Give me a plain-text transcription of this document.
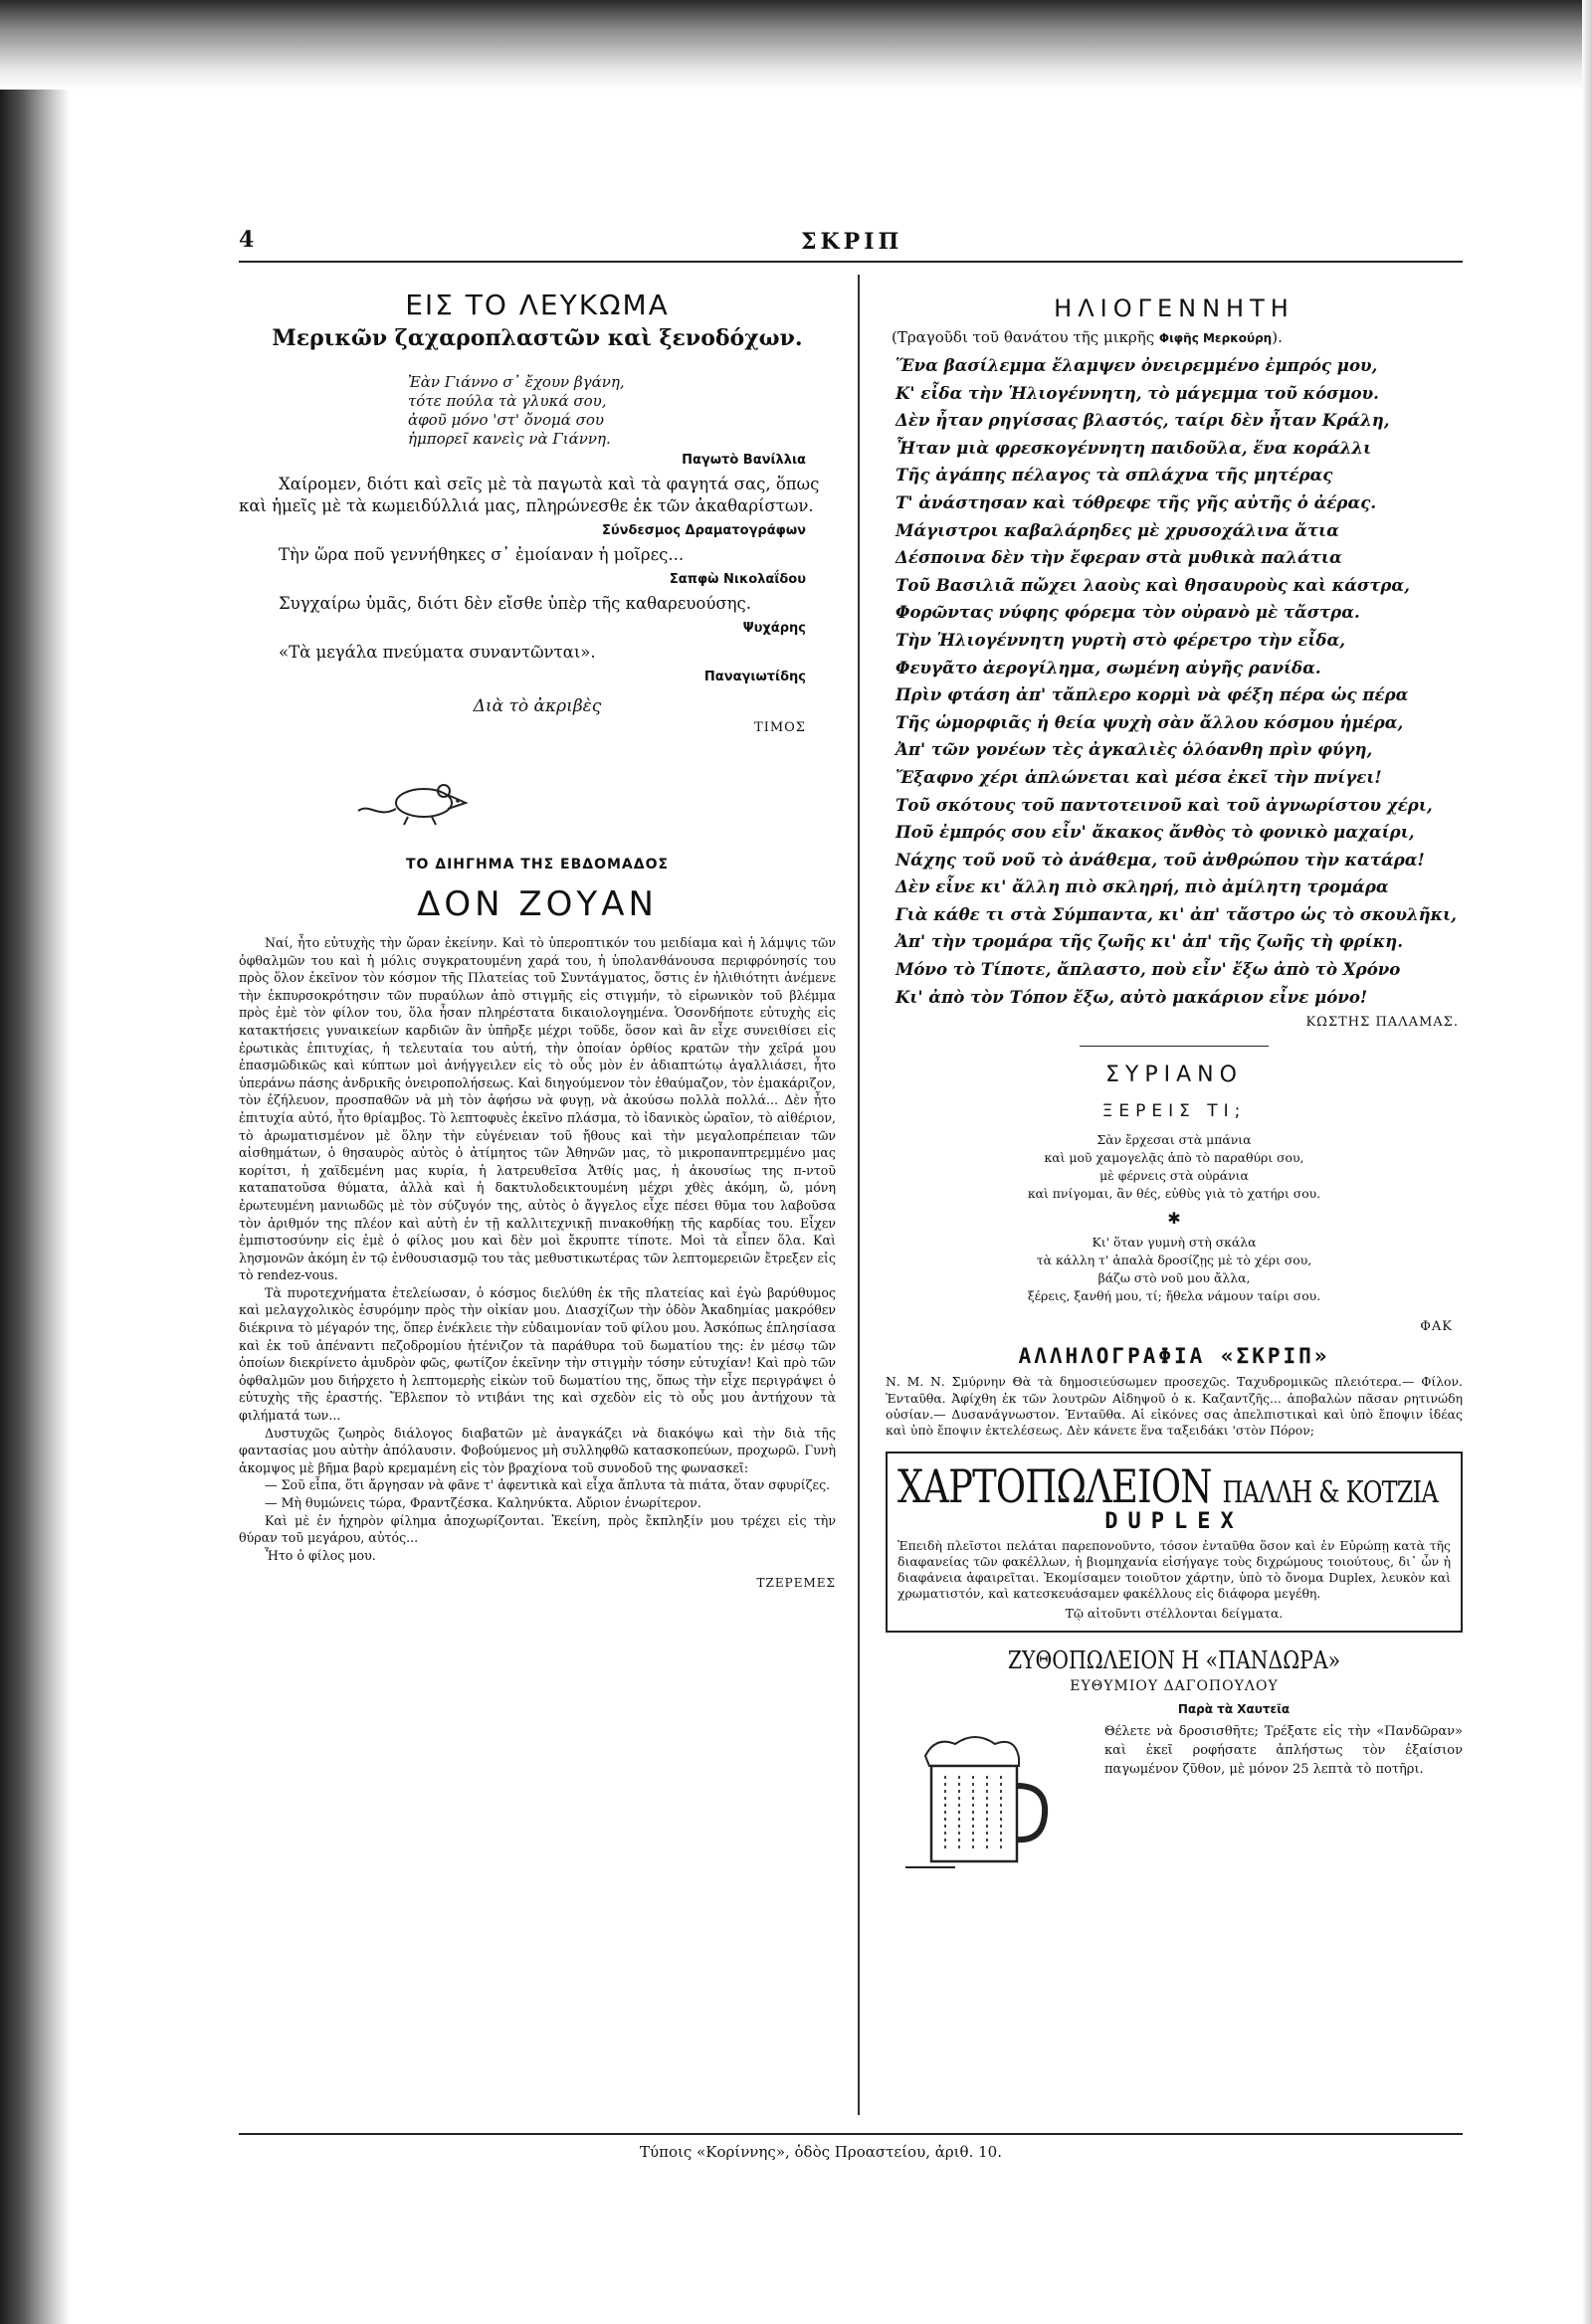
4	ΣΚΡΙΠ
ΕΙΣ ΤΟ ΛΕΥΚΩΜΑ
Μερικῶν ζαχαροπλαστῶν καὶ ξενοδόχων.
Ἐὰν Γιάννο σ᾽ ἔχουν βγάνη,
τότε πούλα τὰ γλυκά σου,
ἀφοῦ μόνο 'στ' ὄνομά σου
ἠμπορεῖ κανεὶς νὰ Γιάννη.
Παγωτὸ Βανίλλια
Χαίρομεν, διότι καὶ σεῖς μὲ τὰ παγωτὰ καὶ τὰ φαγητά σας, ὅπως καὶ ἡμεῖς μὲ τὰ κωμειδύλλιά μας, πληρώνεσθε ἐκ τῶν ἀκαθαρίστων.
Σύνδεσμος Δραματογράφων
Τὴν ὥρα ποῦ γεννήθηκες σ᾽ ἐμοίαναν ἡ μοῖρες...
Σαπφὼ Νικολαΐδου
Συγχαίρω ὑμᾶς, διότι δὲν εἴσθε ὑπὲρ τῆς καθαρευούσης.
Ψυχάρης
«Τὰ μεγάλα πνεύματα συναντῶνται».
Παναγιωτίδης
Διὰ τὸ ἀκριβὲς
ΤΙΜΟΣ
ΤΟ ΔΙΗΓΗΜΑ ΤΗΣ ΕΒΔΟΜΑΔΟΣ
ΔΟΝ ΖΟΥΑΝ

Ναί, ἦτο εὐτυχὴς τὴν ὥραν ἐκείνην. Καὶ τὸ ὑπεροπτικόν του μειδίαμα καὶ ἡ λάμψις τῶν ὀφθαλμῶν του καὶ ἡ μόλις συγκρατουμένη χαρά του, ἡ ὑπολανθάνουσα περιφρόνησίς του πρὸς ὅλον ἐκεῖνον τὸν κόσμον τῆς Πλατείας τοῦ Συντάγματος, ὅστις ἐν ἠλιθιότητι ἀνέμενε τὴν ἐκπυρσοκρότησιν τῶν πυραύλων ἀπὸ στιγμῆς εἰς στιγμήν, τὸ εἰρωνικὸν τοῦ βλέμμα πρὸς ἐμὲ τὸν φίλον του, ὅλα ἦσαν πληρέστατα δικαιολογημένα. Ὁσονδήποτε εὐτυχὴς εἰς κατακτήσεις γυναικείων καρδιῶν ἂν ὑπῆρξε μέχρι τοῦδε, ὅσον καὶ ἂν εἶχε συνειθίσει εἰς ἐρωτικὰς ἐπιτυχίας, ἡ τελευταία του αὐτή, τὴν ὁποίαν ὀρθίος κρατῶν τὴν χεῖρά μου ἐπασμῶδικῶς καὶ κύπτων μοὶ ἀνήγγειλεν εἰς τὸ οὖς μὸν ἐν ἀδιαπτώτῳ ἀγαλλιάσει, ἦτο ὑπεράνω πάσης ἀνδρικῆς ὀνειροπολήσεως. Καὶ διηγούμενον τὸν ἐθαύμαζον, τὸν ἐμακάριζον, τὸν ἐζήλευον, προσπαθῶν νὰ μὴ τὸν ἀφήσω νὰ φυγῃ, νὰ ἀκούσω πολλὰ πολλά... Δὲν ἦτο ἐπιτυχία αὐτό, ἦτο θρίαμβος. Τὸ λεπτοφυὲς ἐκεῖνο πλάσμα, τὸ ἰδανικὸς ὡραῖον, τὸ αἰθέριον, τὸ ἀρωματισμένον μὲ ὅλην τὴν εὐγένειαν τοῦ ἤθους καὶ τὴν μεγαλοπρέπειαν τῶν αἰσθημάτων, ὁ θησαυρὸς αὐτὸς ὁ ἀτίμητος τῶν Ἀθηνῶν μας, τὸ μικροπανπτρεμμένο μας κορίτσι, ἡ χαϊδεμένη μας κυρία, ἡ λατρευθεῖσα Ἀτθίς μας, ἡ ἀκουσίως της π-ντοῦ καταπατοῦσα θύματα, ἀλλὰ καὶ ἡ δακτυλοδεικτουμένη μέχρι χθὲς ἀκόμη, ὤ, μόνη ἐρωτευμένη μανιωδῶς μὲ τὸν σύζυγόν της, αὐτὸς ὁ ἄγγελος εἶχε πέσει θῦμα του λαβοῦσα τὸν ἀριθμόν της πλέον καὶ αὐτὴ ἐν τῇ καλλιτεχνικῇ πινακοθήκῃ τῆς καρδίας του. Εἶχεν ἐμπιστοσύνην εἰς ἐμὲ ὁ φίλος μου καὶ δὲν μοὶ ἔκρυπτε τίποτε. Μοὶ τὰ εἶπεν ὅλα. Καὶ λησμονῶν ἀκόμη ἐν τῷ ἐνθουσιασμῷ του τὰς μεθυστικωτέρας τῶν λεπτομερειῶν ἔτρεξεν εἰς τὸ rendez-vous.

Τὰ πυροτεχνήματα ἐτελείωσαν, ὁ κόσμος διελύθη ἐκ τῆς πλατείας καὶ ἐγὼ βαρύθυμος καὶ μελαγχολικὸς ἐσυρόμην πρὸς τὴν οἰκίαν μου. Διασχίζων τὴν ὁδὸν Ἀκαδημίας μακρόθεν διέκρινα τὸ μέγαρόν της, ὅπερ ἐνέκλειε τὴν εὐδαιμονίαν τοῦ φίλου μου. Ἀσκόπως ἐπλησίασα καὶ ἐκ τοῦ ἀπέναντι πεζοδρομίου ἠτένιζον τὰ παράθυρα τοῦ δωματίου της: ἐν μέσῳ τῶν ὁποίων διεκρίνετο ἀμυδρὸν φῶς, φωτίζον ἐκεῖνην τὴν στιγμὴν τόσην εὐτυχίαν! Καὶ πρὸ τῶν ὀφθαλμῶν μου διήρχετο ἡ λεπτομερὴς εἰκὼν τοῦ δωματίου της, ὅπως τὴν εἶχε περιγράψει ὁ εὐτυχὴς τῆς ἐραστής. Ἔβλεπον τὸ ντιβάνι της καὶ σχεδὸν εἰς τὸ οὖς μου ἀντήχουν τὰ φιλήματά των...

Δυστυχῶς ζωηρὸς διάλογος διαβατῶν μὲ ἀναγκάζει νὰ διακόψω καὶ τὴν διὰ τῆς φαντασίας μου αὐτὴν ἀπόλαυσιν. Φοβούμενος μὴ συλληφθῶ κατασκοπεύων, προχωρῶ. Γυνὴ ἀκομψος μὲ βῆμα βαρὺ κρεμαμένη εἰς τὸν βραχίονα τοῦ συνοδοῦ της φωνασκεῖ:

— Σοῦ εἶπα, ὅτι ἄργησαν νὰ φᾶνε τ' ἀφεντικὰ καὶ εἶχα ἄπλυτα τὰ πιάτα, ὅταν σφυρίζες.

— Μὴ θυμώνεις τώρα, Φραντζέσκα. Καληνύκτα. Αὔριον ἐνωρίτερον.

Καὶ μὲ ἐν ἠχηρὸν φίλημα ἀποχωρίζονται. Ἐκείνη, πρὸς ἔκπληξίν μου τρέχει εἰς τὴν θύραν τοῦ μεγάρου, αὐτός...

Ἦτο ὁ φίλος μου.

ΤΖΕΡΕΜΕΣ
ΗΛΙΟΓΕΝΝΗΤΗ
(Τραγοῦδι τοῦ θανάτου τῆς μικρῆς Φιφῆς Μερκούρη).
Ἕνα βασίλεμμα ἔλαμψεν ὀνειρεμμένο ἐμπρός μου,
Κ' εἶδα τὴν Ἡλιογέννητη, τὸ μάγεμμα τοῦ κόσμου.
Δὲν ἦταν ρηγίσσας βλαστός, ταίρι δὲν ἦταν Κράλη,
Ἦταν μιὰ φρεσκογέννητη παιδοῦλα, ἕνα κοράλλι
Τῆς ἀγάπης πέλαγος τὰ σπλάχνα τῆς μητέρας
Τ' ἀνάστησαν καὶ τόθρεφε τῆς γῆς αὐτῆς ὁ ἀέρας.
Μάγιστροι καβαλάρηδες μὲ χρυσοχάλινα ἄτια
Δέσποινα δὲν τὴν ἔφεραν στὰ μυθικὰ παλάτια
Τοῦ Βασιλιᾶ πὤχει λαοὺς καὶ θησαυροὺς καὶ κάστρα,
Φορῶντας νύφης φόρεμα τὸν οὐρανὸ μὲ τἄστρα.
Τὴν Ἡλιογέννητη γυρτὴ στὸ φέρετρο τὴν εἶδα,
Φευγᾶτο ἀερογίλημα, σωμένη αὐγῆς ρανίδα.
Πρὶν φτάση ἀπ' τἄπλερο κορμὶ νὰ φέξη πέρα ὡς πέρα
Τῆς ὡμορφιᾶς ἡ θεία ψυχὴ σὰν ἄλλου κόσμου ἡμέρα,
Ἀπ' τῶν γονέων τὲς ἀγκαλιὲς ὁλόανθη πρὶν φύγη,
Ἔξαφνο χέρι ἁπλώνεται καὶ μέσα ἐκεῖ τὴν πνίγει!
Τοῦ σκότους τοῦ παντοτεινοῦ καὶ τοῦ ἀγνωρίστου χέρι,
Ποῦ ἐμπρός σου εἶν' ἄκακος ἄνθὸς τὸ φονικὸ μαχαίρι,
Νάχης τοῦ νοῦ τὸ ἀνάθεμα, τοῦ ἀνθρώπου τὴν κατάρα!
Δὲν εἶνε κι' ἄλλη πιὸ σκληρή, πιὸ ἀμίλητη τρομάρα
Γιὰ κάθε τι στὰ Σύμπαντα, κι' ἀπ' τἄστρο ὡς τὸ σκουλῆκι,
Ἀπ' τὴν τρομάρα τῆς ζωῆς κι' ἀπ' τῆς ζωῆς τὴ φρίκη.
Μόνο τὸ Τίποτε, ἄπλαστο, ποὺ εἶν' ἔξω ἀπὸ τὸ Χρόνο
Κι' ἀπὸ τὸν Τόπον ἔξω, αὐτὸ μακάριον εἶνε μόνο!
ΚΩΣΤΗΣ ΠΑΛΑΜΑΣ.
ΣΥΡΙΑΝΟ
ΞΕΡΕΙΣ ΤΙ;
Σὰν ἔρχεσαι στὰ μπάνια
καὶ μοῦ χαμογελᾷς ἀπὸ τὸ παραθύρι σου,
μὲ φέρνεις στὰ οὐράνια
καὶ πνίγομαι, ἂν θές, εὐθὺς γιὰ τὸ χατήρι σου.
✱
Κι' ὅταν γυμνὴ στὴ σκάλα
τὰ κάλλη τ' ἁπαλὰ δροσίζῃς μὲ τὸ χέρι σου,
βάζω στὸ νοῦ μου ἄλλα,
ξέρεις, ξανθή μου, τί; ἤθελα νάμουν ταίρι σου.
ΦΑΚ
ΑΛΛΗΛΟΓΡΑΦΙΑ «ΣΚΡΙΠ»
Ν. Μ. Ν. Σμύρνην Θὰ τὰ δημοσιεύσωμεν προσεχῶς. Ταχυδρομικῶς πλειότερα.— Φίλον. Ἐνταῦθα. Ἀφίχθη ἐκ τῶν λουτρῶν Αἰδηψοῦ ὁ κ. Καζαντζῆς... ἀποβαλὼν πᾶσαν ρητινώδη οὐσίαν.— Δυσανάγνωστον. Ἐνταῦθα. Αἱ εἰκόνες σας ἀπελπιστικαὶ καὶ ὑπὸ ἔποψιν ἰδέας καὶ ὑπὸ ἔποψιν ἐκτελέσεως. Δὲν κάνετε ἕνα ταξειδάκι 'στὸν Πόρον;
ΧΑΡΤΟΠΩΛΕΙΟΝ ΠΑΛΛΗ & ΚΟΤΖΙΑ
DUPLEX
Ἐπειδὴ πλεῖστοι πελάται παρεπονοῦντο, τόσον ἐνταῦθα ὅσον καὶ ἐν Εὐρώπῃ κατὰ τῆς διαφανείας τῶν φακέλλων, ἡ βιομηχανία εἰσήγαγε τοὺς διχρώμους τοιούτους, δι᾽ ὧν ἡ διαφάνεια ἀφαιρεῖται. Ἐκομίσαμεν τοιοῦτον χάρτην, ὑπὸ τὸ ὄνομα Duplex, λευκὸν καὶ χρωματιστόν, καὶ κατεσκευάσαμεν φακέλλους εἰς διάφορα μεγέθη.
Τῷ αἰτοῦντι στέλλονται δείγματα.
ΖΥΘΟΠΩΛΕΙΟΝ Η «ΠΑΝΔΩΡΑ»
ΕΥΘΥΜΙΟΥ ΔΑΓΟΠΟΥΛΟΥ
Παρὰ τὰ Χαυτεῖα
Θέλετε νὰ δροσισθῆτε; Τρέξατε εἰς τὴν «Πανδῶραν» καὶ ἐκεῖ ροφήσατε ἀπλήστως τὸν ἐξαίσιον παγωμένον ζῦθον, μὲ μόνον 25 λεπτὰ τὸ ποτῆρι.
Τύποις «Κορίννης», ὁδὸς Προαστείου, ἀριθ. 10.
